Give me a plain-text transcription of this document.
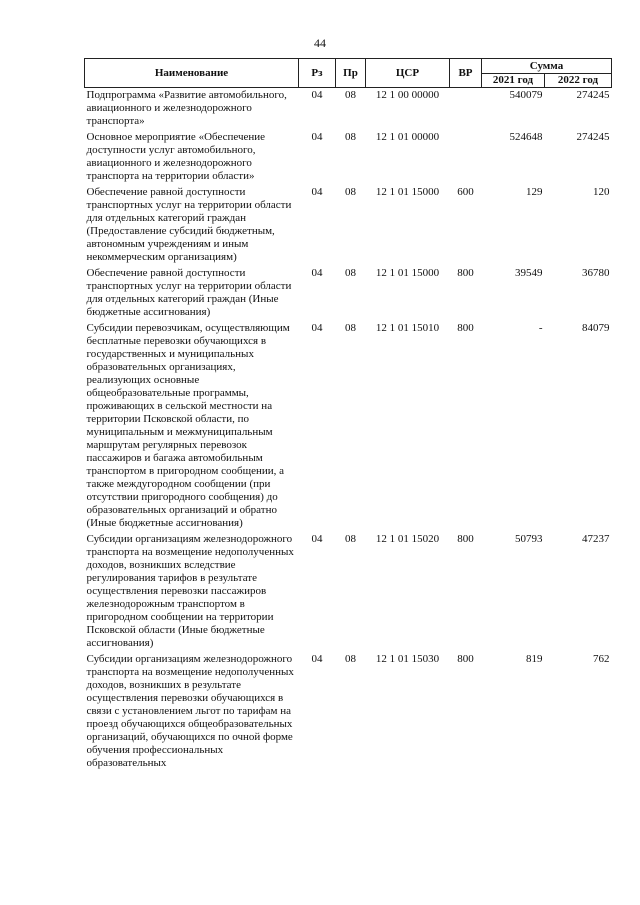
44
Наименование	Рз	Пр	ЦСР	ВР	Сумма	
					2021 год	2022 год
Подпрограмма «Развитие автомобильного, авиационного и железнодорожного транспорта»	04	08	12 1 00 00000		540079	274245
Основное мероприятие «Обеспечение доступности услуг автомобильного, авиационного и железнодорожного транспорта на территории области»	04	08	12 1 01 00000		524648	274245
Обеспечение равной доступности транспортных услуг на территории области для отдельных категорий граждан (Предоставление субсидий бюджетным, автономным учреждениям и иным некоммерческим организациям)	04	08	12 1 01 15000	600	129	120
Обеспечение равной доступности транспортных услуг на территории области для отдельных категорий граждан (Иные бюджетные ассигнования)	04	08	12 1 01 15000	800	39549	36780
Субсидии перевозчикам, осуществляющим бесплатные перевозки обучающихся в государственных и муниципальных образовательных организациях, реализующих основные общеобразовательные программы, проживающих в сельской местности на территории Псковской области, по муниципальным и межмуниципальным маршрутам регулярных перевозок пассажиров и багажа автомобильным транспортом в пригородном сообщении, а также междугородном сообщении (при отсутствии пригородного сообщения) до образовательных организаций и обратно (Иные бюджетные ассигнования)	04	08	12 1 01 15010	800	-	84079
Субсидии организациям железнодорожного транспорта на возмещение недополученных доходов, возникших вследствие регулирования тарифов в результате осуществления перевозки пассажиров железнодорожным транспортом в пригородном сообщении на территории Псковской области (Иные бюджетные ассигнования)	04	08	12 1 01 15020	800	50793	47237
Субсидии организациям железнодорожного транспорта на возмещение недополученных доходов, возникших в результате осуществления перевозки обучающихся в связи с установлением льгот по тарифам на проезд обучающихся общеобразовательных организаций, обучающихся по очной форме обучения профессиональных образовательных	04	08	12 1 01 15030	800	819	762
